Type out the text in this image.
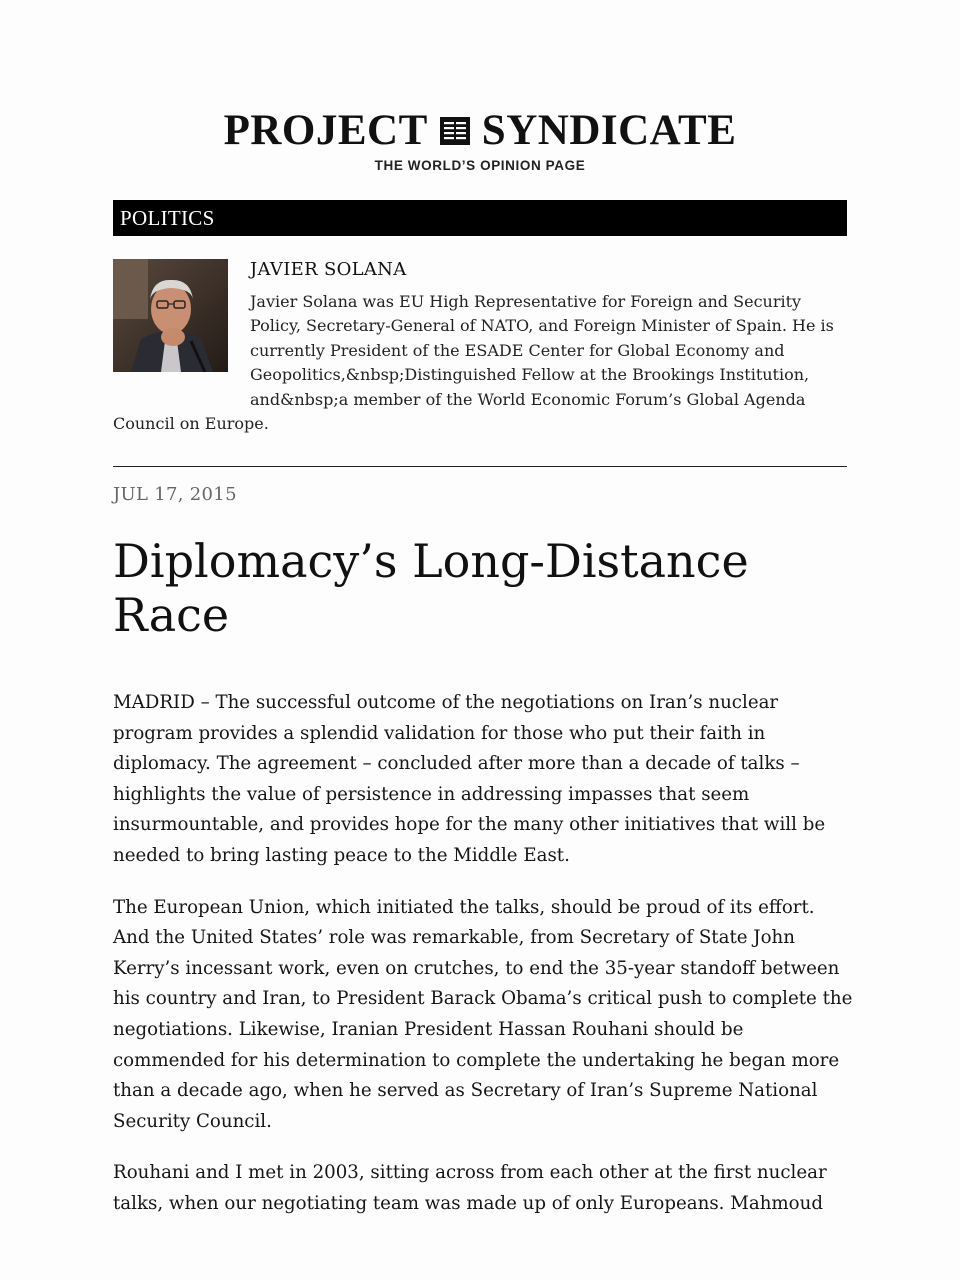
PROJECT SYNDICATE
THE WORLD’S OPINION PAGE
POLITICS
JAVIER SOLANA
Javier Solana was EU High Representative for Foreign and Security Policy, Secretary-General of NATO, and Foreign Minister of Spain. He is currently President of the ESADE Center for Global Economy and Geopolitics,&nbsp;Distinguished Fellow at the Brookings Institution, and&nbsp;a member of the World Economic Forum’s Global Agenda Council on Europe.
JUL 17, 2015
Diplomacy’s Long-Distance Race

MADRID – The successful outcome of the negotiations on Iran’s nuclear program provides a splendid validation for those who put their faith in diplomacy. The agreement – concluded after more than a decade of talks – highlights the value of persistence in addressing impasses that seem insurmountable, and provides hope for the many other initiatives that will be needed to bring lasting peace to the Middle East.

The European Union, which initiated the talks, should be proud of its effort. And the United States’ role was remarkable, from Secretary of State John Kerry’s incessant work, even on crutches, to end the 35-year standoff between his country and Iran, to President Barack Obama’s critical push to complete the negotiations. Likewise, Iranian President Hassan Rouhani should be commended for his determination to complete the undertaking he began more than a decade ago, when he served as Secretary of Iran’s Supreme National Security Council.

Rouhani and I met in 2003, sitting across from each other at the first nuclear talks, when our negotiating team was made up of only Europeans. Mahmoud
